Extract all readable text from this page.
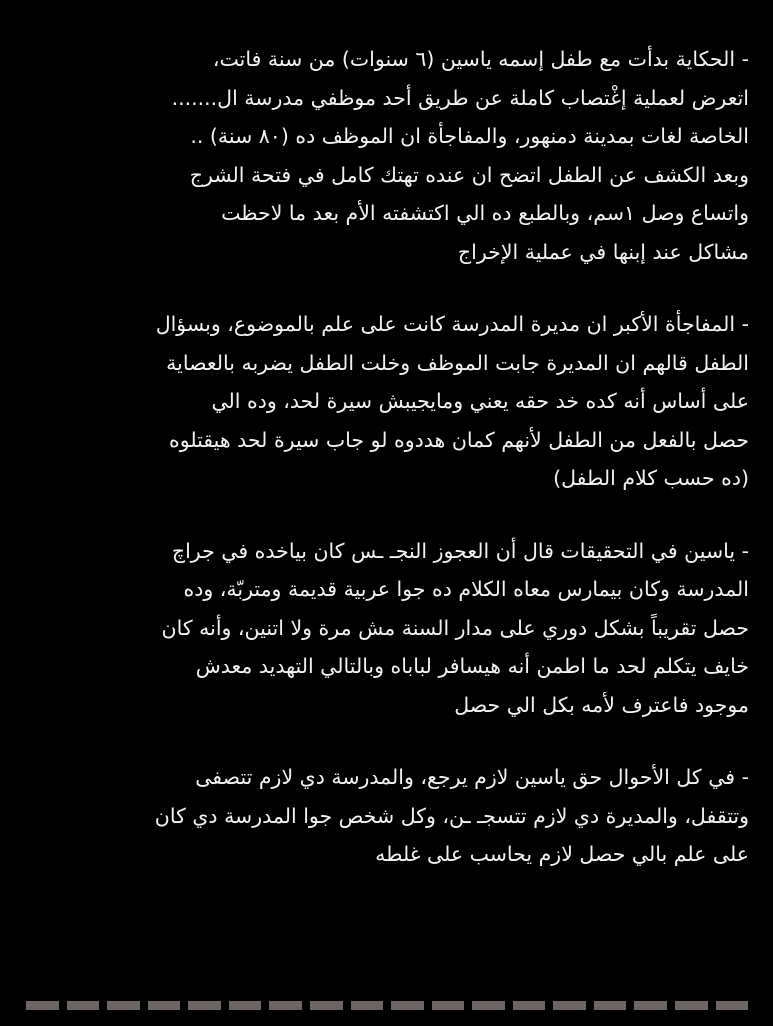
- الحكاية بدأت مع طفل إسمه ياسين (٦ سنوات) من سنة فاتت،
اتعرض لعملية إغْتصاب كاملة عن طريق أحد موظفي مدرسة ال.......
الخاصة لغات بمدينة دمنهور، والمفاجأة ان الموظف ده (٨٠ سنة) ..
وبعد الكشف عن الطفل اتضح ان عنده تهتك كامل في فتحة الشرج
واتساع وصل ١سم، وبالطبع ده الي اكتشفته الأم بعد ما لاحظت
مشاكل عند إبنها في عملية الإخراج
- المفاجأة الأكبر ان مديرة المدرسة كانت على علم بالموضوع، وبسؤال
الطفل قالهم ان المديرة جابت الموظف وخلت الطفل يضربه بالعصاية
على أساس أنه كده خد حقه يعني ومايجيبش سيرة لحد، وده الي
حصل بالفعل من الطفل لأنهم كمان هددوه لو جاب سيرة لحد هيقتلوه
(ده حسب كلام الطفل)
- ياسين في التحقيقات قال أن العجوز النجـ ـس كان بياخده في جراچ
المدرسة وكان بيمارس معاه الكلام ده جوا عربية قديمة ومتربّة، وده
حصل تقريباً بشكل دوري على مدار السنة مش مرة ولا اتنين، وأنه كان
خايف يتكلم لحد ما اطمن أنه هيسافر لباباه وبالتالي التهديد معدش
موجود فاعترف لأمه بكل الي حصل
- في كل الأحوال حق ياسين لازم يرجع، والمدرسة دي لازم تتصفى
وتتقفل، والمديرة دي لازم تتسجـ ـن، وكل شخص جوا المدرسة دي كان
على علم بالي حصل لازم يحاسب على غلطه
